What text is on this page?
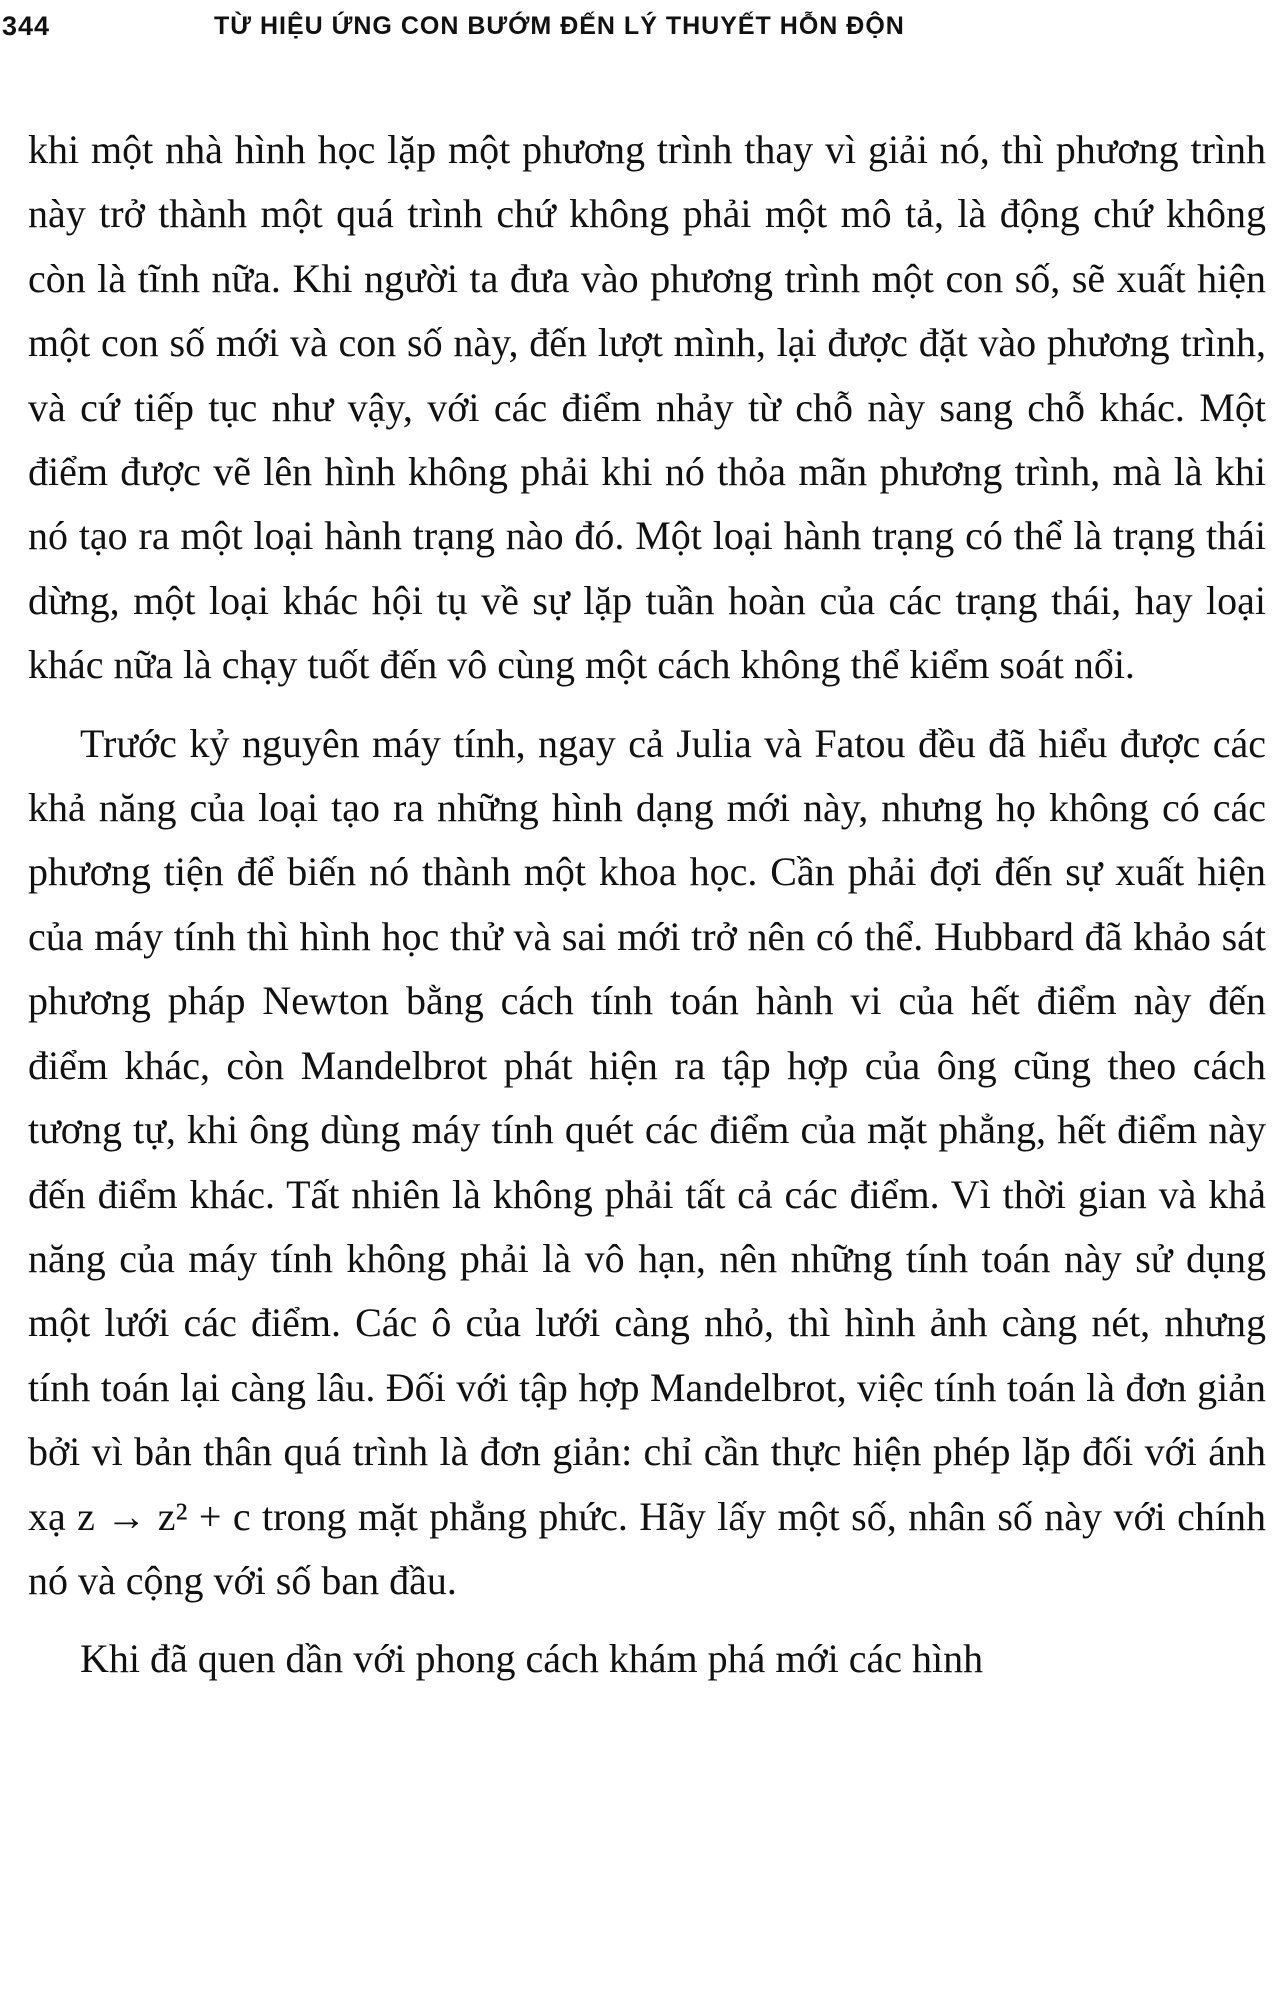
344	TỪ HIỆU ỨNG CON BƯỚM ĐẾN LÝ THUYẾT HỖN ĐỘN

khi một nhà hình học lặp một phương trình thay vì giải nó, thì phương trình này trở thành một quá trình chứ không phải một mô tả, là động chứ không còn là tĩnh nữa. Khi người ta đưa vào phương trình một con số, sẽ xuất hiện một con số mới và con số này, đến lượt mình, lại được đặt vào phương trình, và cứ tiếp tục như vậy, với các điểm nhảy từ chỗ này sang chỗ khác. Một điểm được vẽ lên hình không phải khi nó thỏa mãn phương trình, mà là khi nó tạo ra một loại hành trạng nào đó. Một loại hành trạng có thể là trạng thái dừng, một loại khác hội tụ về sự lặp tuần hoàn của các trạng thái, hay loại khác nữa là chạy tuốt đến vô cùng một cách không thể kiểm soát nổi.

Trước kỷ nguyên máy tính, ngay cả Julia và Fatou đều đã hiểu được các khả năng của loại tạo ra những hình dạng mới này, nhưng họ không có các phương tiện để biến nó thành một khoa học. Cần phải đợi đến sự xuất hiện của máy tính thì hình học thử và sai mới trở nên có thể. Hubbard đã khảo sát phương pháp Newton bằng cách tính toán hành vi của hết điểm này đến điểm khác, còn Mandelbrot phát hiện ra tập hợp của ông cũng theo cách tương tự, khi ông dùng máy tính quét các điểm của mặt phẳng, hết điểm này đến điểm khác. Tất nhiên là không phải tất cả các điểm. Vì thời gian và khả năng của máy tính không phải là vô hạn, nên những tính toán này sử dụng một lưới các điểm. Các ô của lưới càng nhỏ, thì hình ảnh càng nét, nhưng tính toán lại càng lâu. Đối với tập hợp Mandelbrot, việc tính toán là đơn giản bởi vì bản thân quá trình là đơn giản: chỉ cần thực hiện phép lặp đối với ánh xạ z → z² + c trong mặt phẳng phức. Hãy lấy một số, nhân số này với chính nó và cộng với số ban đầu.

Khi đã quen dần với phong cách khám phá mới các hình
